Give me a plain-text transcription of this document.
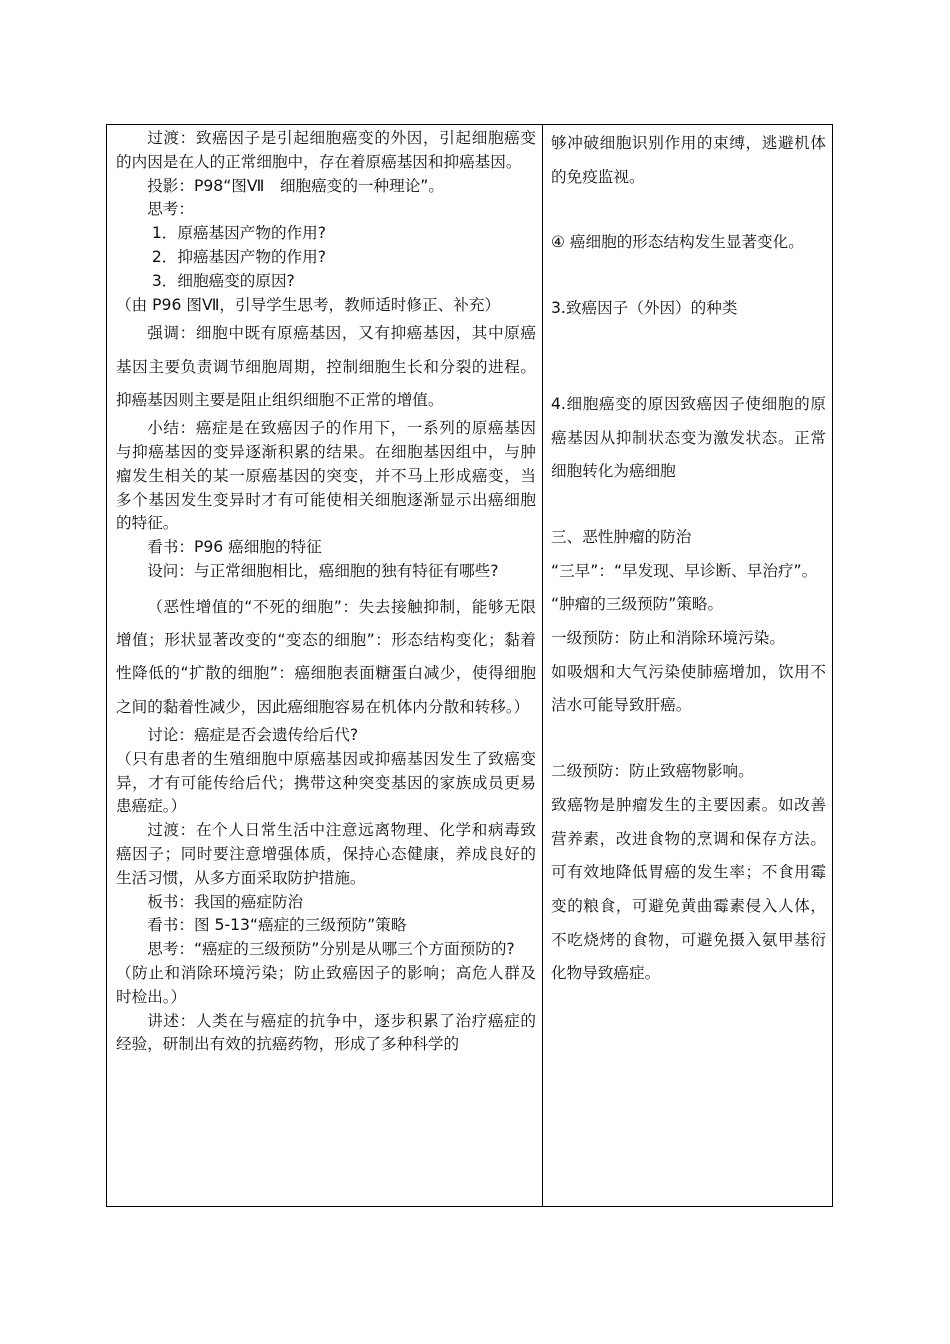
过渡：致癌因子是引起细胞癌变的外因，引起细胞癌变的内因是在人的正常细胞中，存在着原癌基因和抑癌基因。

投影：P98“图Ⅶ　细胞癌变的一种理论”。

思考：

1．原癌基因产物的作用?

2．抑癌基因产物的作用?

3．细胞癌变的原因?

（由 P96 图Ⅶ，引导学生思考，教师适时修正、补充）

强调：细胞中既有原癌基因，又有抑癌基因，其中原癌基因主要负责调节细胞周期，控制细胞生长和分裂的进程。抑癌基因则主要是阻止组织细胞不正常的增值。

小结：癌症是在致癌因子的作用下，一系列的原癌基因与抑癌基因的变异逐渐积累的结果。在细胞基因组中，与肿瘤发生相关的某一原癌基因的突变，并不马上形成癌变，当多个基因发生变异时才有可能使相关细胞逐渐显示出癌细胞的特征。

看书：P96 癌细胞的特征

设问：与正常细胞相比，癌细胞的独有特征有哪些?

（恶性增值的“不死的细胞”：失去接触抑制，能够无限增值；形状显著改变的“变态的细胞”：形态结构变化；黏着性降低的“扩散的细胞”：癌细胞表面糖蛋白减少，使得细胞之间的黏着性减少，因此癌细胞容易在机体内分散和转移。）

讨论：癌症是否会遗传给后代?

（只有患者的生殖细胞中原癌基因或抑癌基因发生了致癌变异，才有可能传给后代；携带这种突变基因的家族成员更易患癌症。）

过渡：在个人日常生活中注意远离物理、化学和病毒致癌因子；同时要注意增强体质，保持心态健康，养成良好的生活习惯，从多方面采取防护措施。

板书：我国的癌症防治

看书：图 5-13“癌症的三级预防”策略

思考：“癌症的三级预防”分别是从哪三个方面预防的?

（防止和消除环境污染；防止致癌因子的影响；高危人群及时检出。）

讲述：人类在与癌症的抗争中，逐步积累了治疗癌症的经验，研制出有效的抗癌药物，形成了多种科学的

够冲破细胞识别作用的束缚，逃避机体的免疫监视。

④ 癌细胞的形态结构发生显著变化。

3.致癌因子（外因）的种类

4.细胞癌变的原因致癌因子使细胞的原癌基因从抑制状态变为激发状态。正常细胞转化为癌细胞

三、恶性肿瘤的防治

“三早”：“早发现、早诊断、早治疗”。

“肿瘤的三级预防”策略。

一级预防：防止和消除环境污染。

如吸烟和大气污染使肺癌增加，饮用不洁水可能导致肝癌。

二级预防：防止致癌物影响。

致癌物是肿瘤发生的主要因素。如改善营养素，改进食物的烹调和保存方法。可有效地降低胃癌的发生率；不食用霉变的粮食，可避免黄曲霉素侵入人体，不吃烧烤的食物，可避免摄入氨甲基衍化物导致癌症。
